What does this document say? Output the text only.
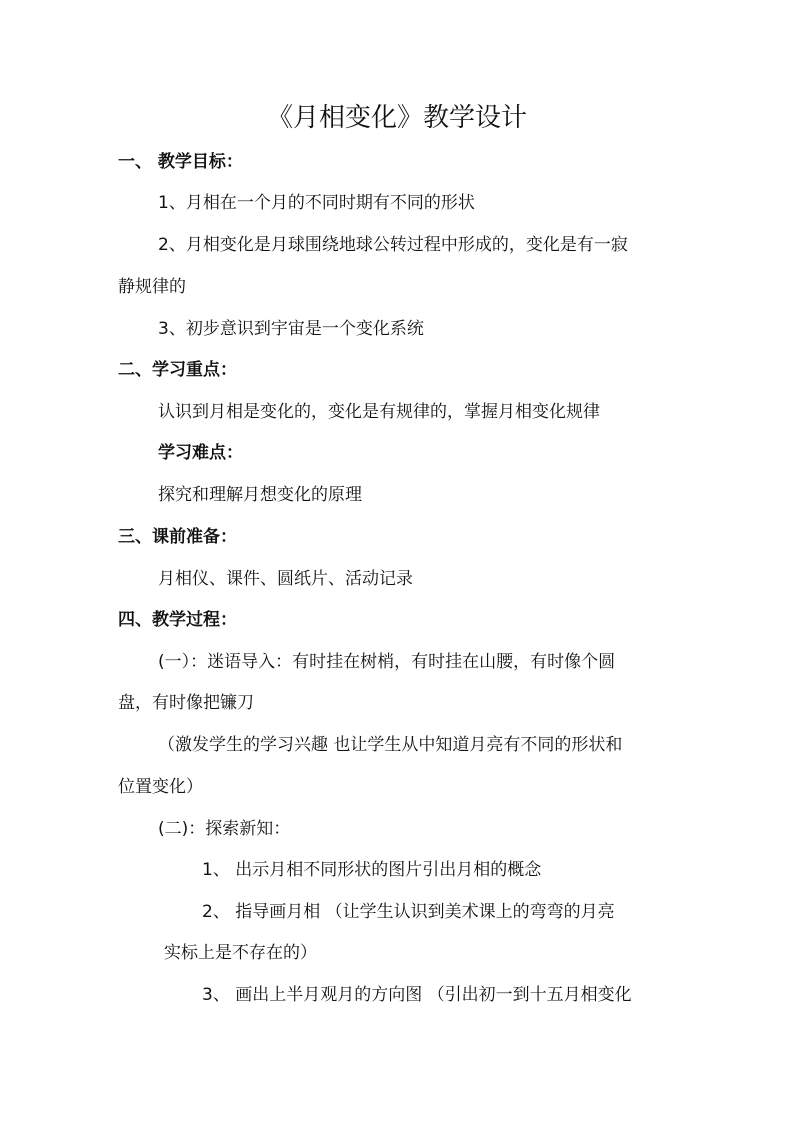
《月相变化》教学设计
一、 教学目标：
1、月相在一个月的不同时期有不同的形状
2、月相变化是月球围绕地球公转过程中形成的，变化是有一寂
静规律的
3、初步意识到宇宙是一个变化系统
二、学习重点：
认识到月相是变化的，变化是有规律的，掌握月相变化规律
学习难点：
探究和理解月想变化的原理
三、课前准备：
月相仪、课件、圆纸片、活动记录
四、教学过程：
(一）：迷语导入：有时挂在树梢，有时挂在山腰，有时像个圆
盘，有时像把镰刀
（激发学生的学习兴趣 也让学生从中知道月亮有不同的形状和
位置变化）
(二)：探索新知：
1、 出示月相不同形状的图片引出月相的概念
2、 指导画月相 （让学生认识到美术课上的弯弯的月亮
实标上是不存在的）
3、 画出上半月观月的方向图 （引出初一到十五月相变化
